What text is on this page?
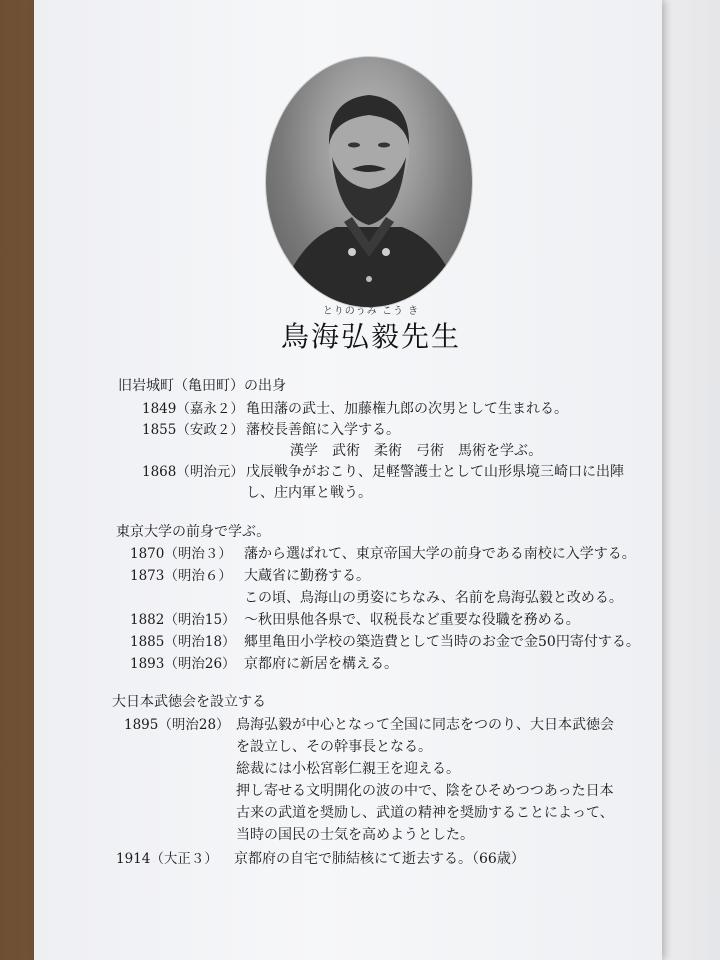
とりのうみ こう き
鳥海弘毅先生
旧岩城町（亀田町）の出身
1849（嘉永２） 亀田藩の武士、加藤権九郎の次男として生まれる。
1855（安政２） 藩校長善館に入学する。
漢学　武術　柔術　弓術　馬術を学ぶ。
1868（明治元） 戊辰戦争がおこり、足軽警護士として山形県境三崎口に出陣
し、庄内軍と戦う。
東京大学の前身で学ぶ。
1870（明治３） 藩から選ばれて、東京帝国大学の前身である南校に入学する。
1873（明治６） 大蔵省に勤務する。
この頃、鳥海山の勇姿にちなみ、名前を鳥海弘毅と改める。
1882（明治15） ～秋田県他各県で、収税長など重要な役職を務める。
1885（明治18） 郷里亀田小学校の築造費として当時のお金で金50円寄付する。
1893（明治26） 京都府に新居を構える。
大日本武徳会を設立する
1895（明治28） 鳥海弘毅が中心となって全国に同志をつのり、大日本武徳会
を設立し、その幹事長となる。
総裁には小松宮彰仁親王を迎える。
押し寄せる文明開化の波の中で、陰をひそめつつあった日本
古来の武道を奨励し、武道の精神を奨励することによって、
当時の国民の士気を高めようとした。
1914（大正３） 京都府の自宅で肺結核にて逝去する。（66歳）
